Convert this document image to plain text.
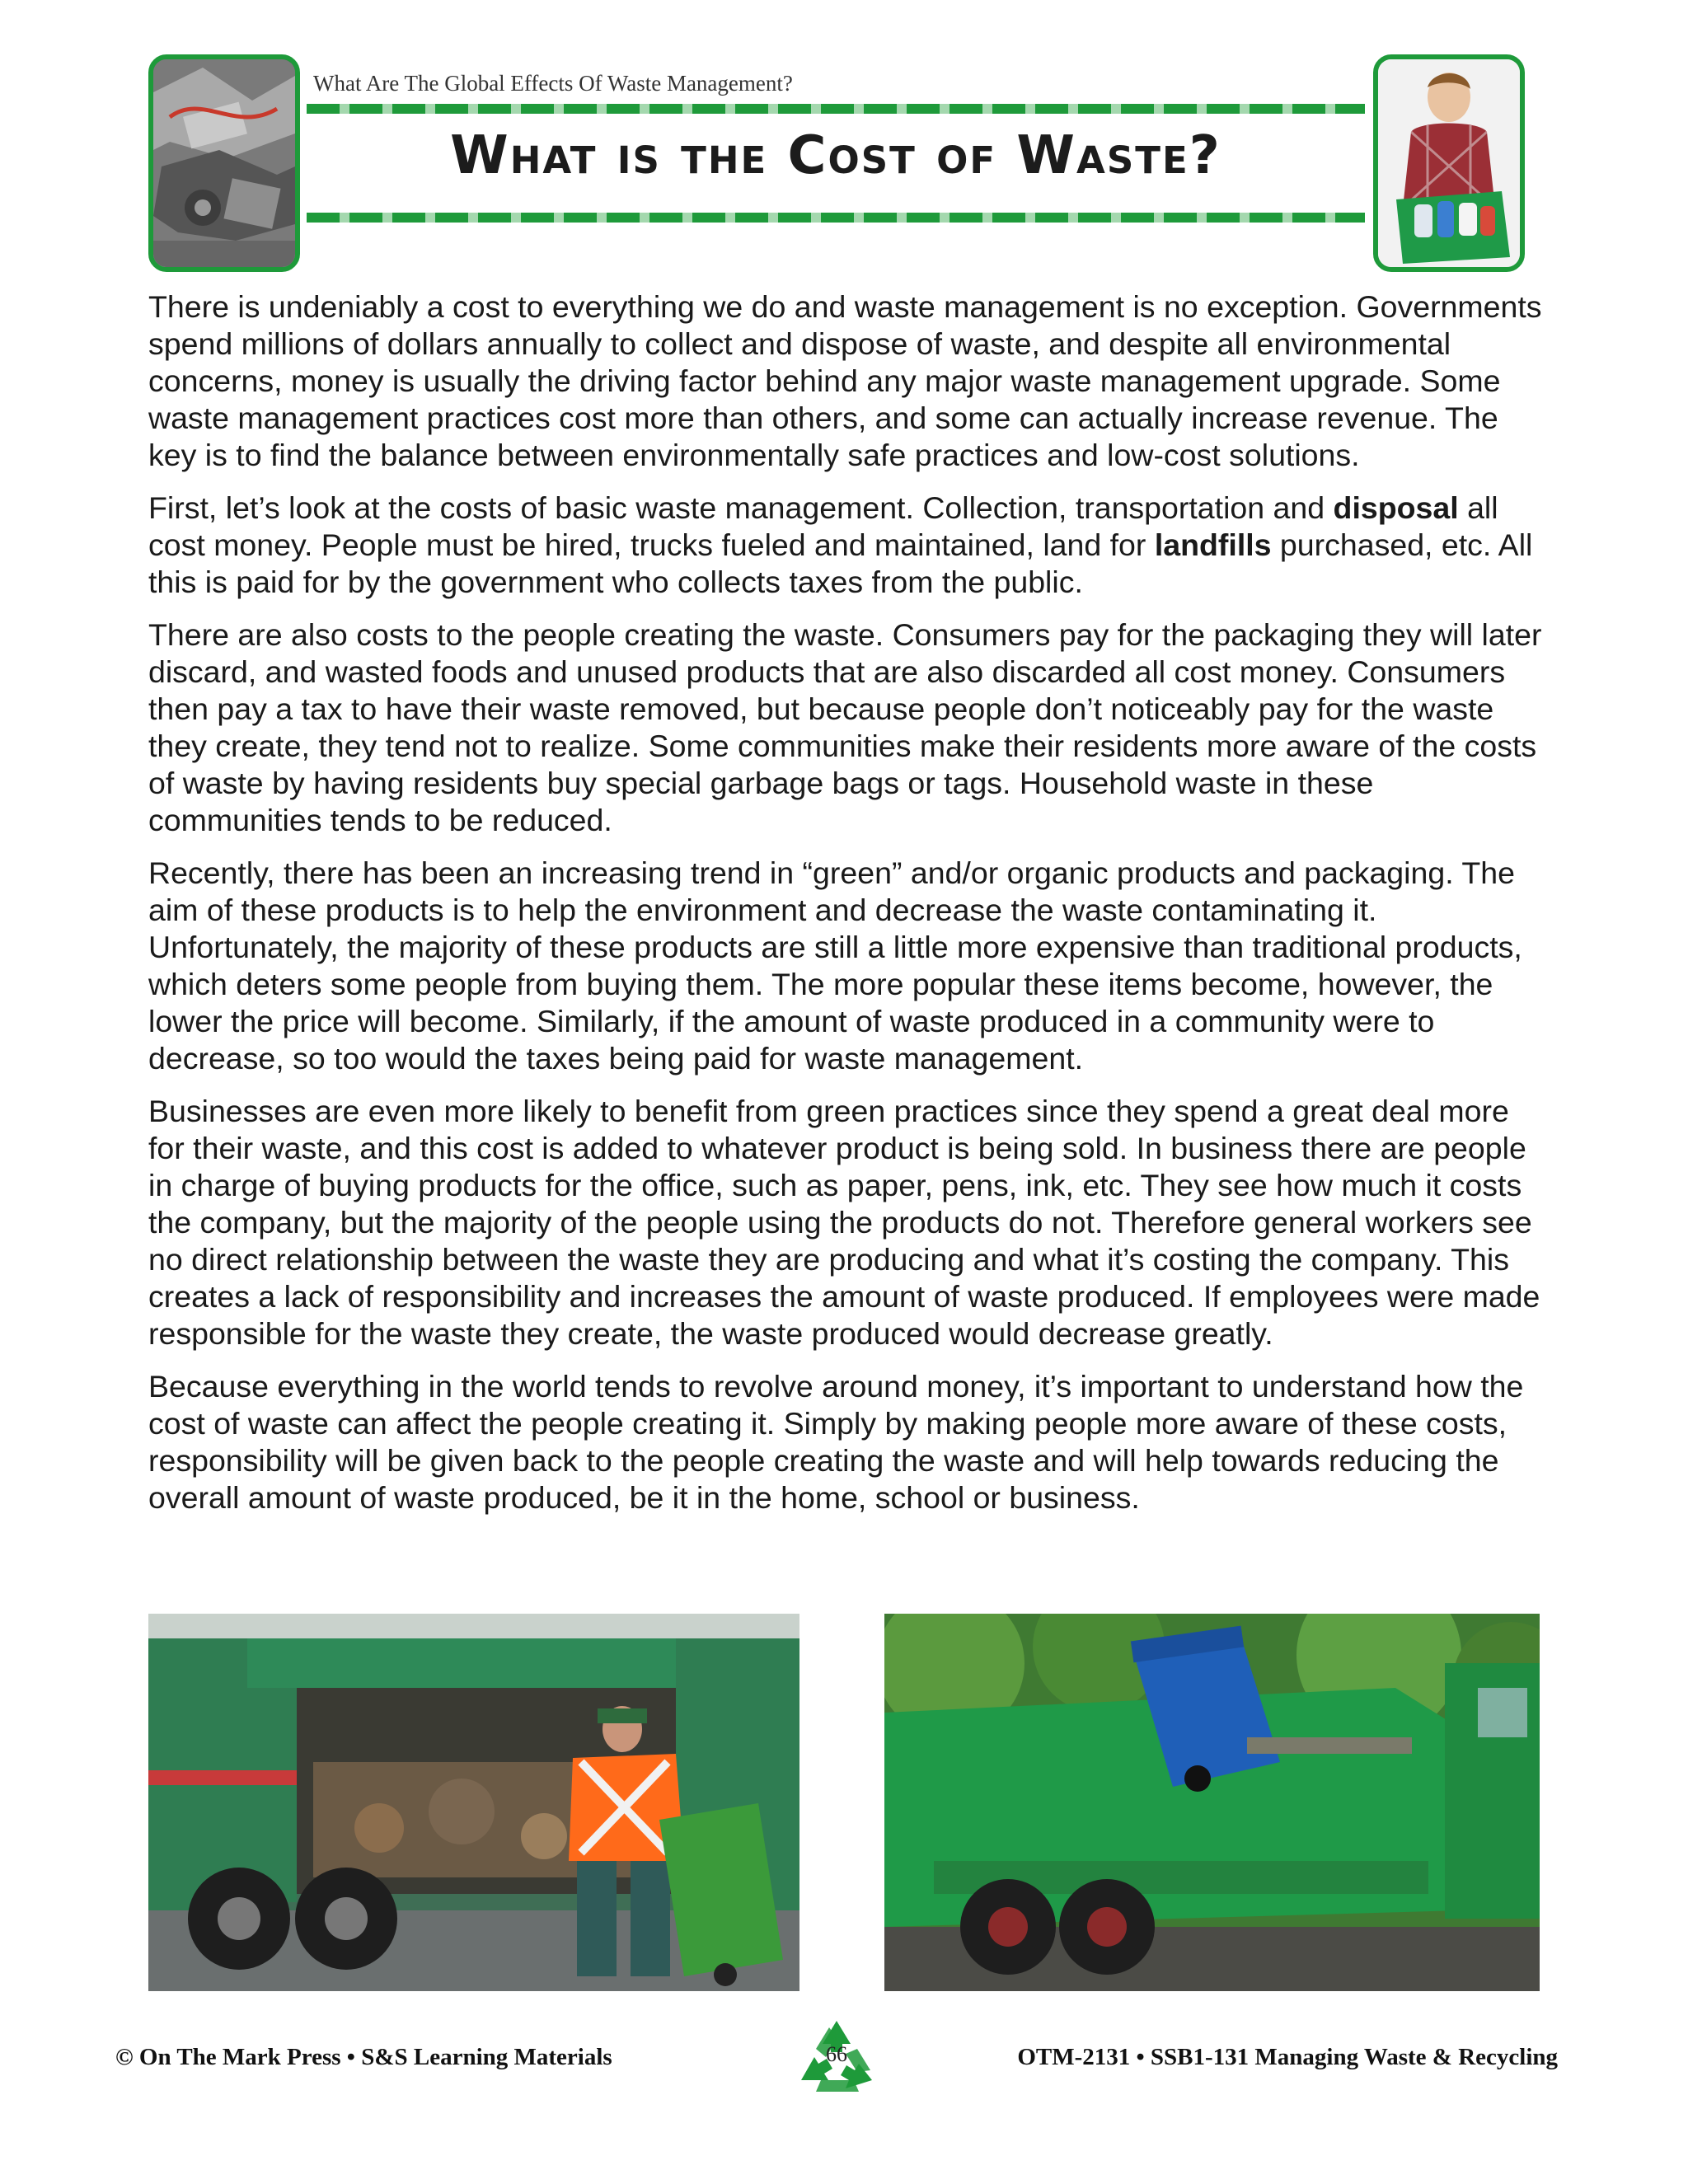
What Are The Global Effects Of Waste Management?
What is the Cost of Waste?

There is undeniably a cost to everything we do and waste management is no exception. Governments spend millions of dollars annually to collect and dispose of waste, and despite all environmental concerns, money is usually the driving factor behind any major waste management upgrade. Some waste management practices cost more than others, and some can actually increase revenue. The key is to find the balance between environmentally safe practices and low-cost solutions.

First, let’s look at the costs of basic waste management. Collection, transportation and disposal all cost money. People must be hired, trucks fueled and maintained, land for landfills purchased, etc. All this is paid for by the government who collects taxes from the public.

There are also costs to the people creating the waste. Consumers pay for the packaging they will later discard, and wasted foods and unused products that are also discarded all cost money. Consumers then pay a tax to have their waste removed, but because people don’t noticeably pay for the waste they create, they tend not to realize. Some communities make their residents more aware of the costs of waste by having residents buy special garbage bags or tags. Household waste in these communities tends to be reduced.

Recently, there has been an increasing trend in “green” and/or organic products and packaging. The aim of these products is to help the environment and decrease the waste contaminating it. Unfortunately, the majority of these products are still a little more expensive than traditional products, which deters some people from buying them. The more popular these items become, however, the lower the price will become. Similarly, if the amount of waste produced in a community were to decrease, so too would the taxes being paid for waste management.

Businesses are even more likely to benefit from green practices since they spend a great deal more for their waste, and this cost is added to whatever product is being sold. In business there are people in charge of buying products for the office, such as paper, pens, ink, etc. They see how much it costs the company, but the majority of the people using the products do not. Therefore general workers see no direct relationship between the waste they are producing and what it’s costing the company. This creates a lack of responsibility and increases the amount of waste produced. If employees were made responsible for the waste they create, the waste produced would decrease greatly.

Because everything in the world tends to revolve around money, it’s important to understand how the cost of waste can affect the people creating it. Simply by making people more aware of these costs, responsibility will be given back to the people creating the waste and will help towards reducing the overall amount of waste produced, be it in the home, school or business.

© On The Mark Press • S&S Learning Materials	66	OTM-2131 • SSB1-131 Managing Waste & Recycling
